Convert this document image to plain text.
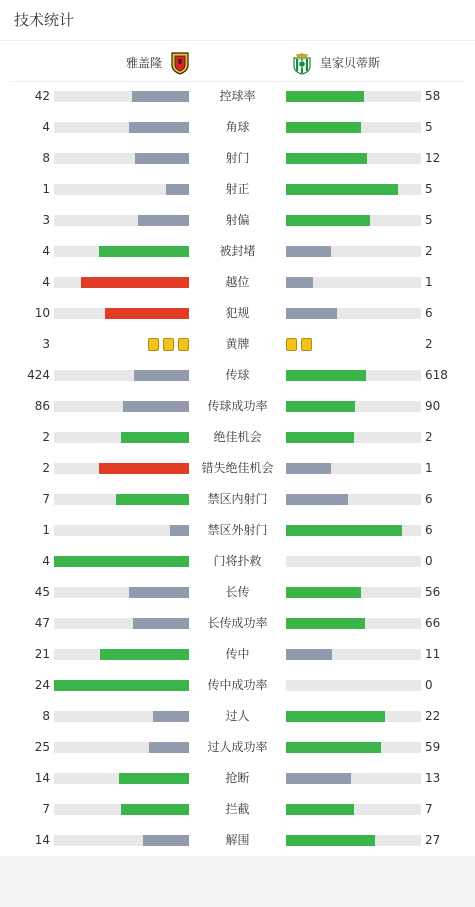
技术统计
雅盖隆	皇家贝蒂斯
42	控球率	58
4	角球	5
8	射门	12
1	射正	5
3	射偏	5
4	被封堵	2
4	越位	1
10	犯规	6
3	黄牌	2
424	传球	618
86	传球成功率	90
2	绝佳机会	2
2	错失绝佳机会	1
7	禁区内射门	6
1	禁区外射门	6
4	门将扑救	0
45	长传	56
47	长传成功率	66
21	传中	11
24	传中成功率	0
8	过人	22
25	过人成功率	59
14	抢断	13
7	拦截	7
14	解围	27
